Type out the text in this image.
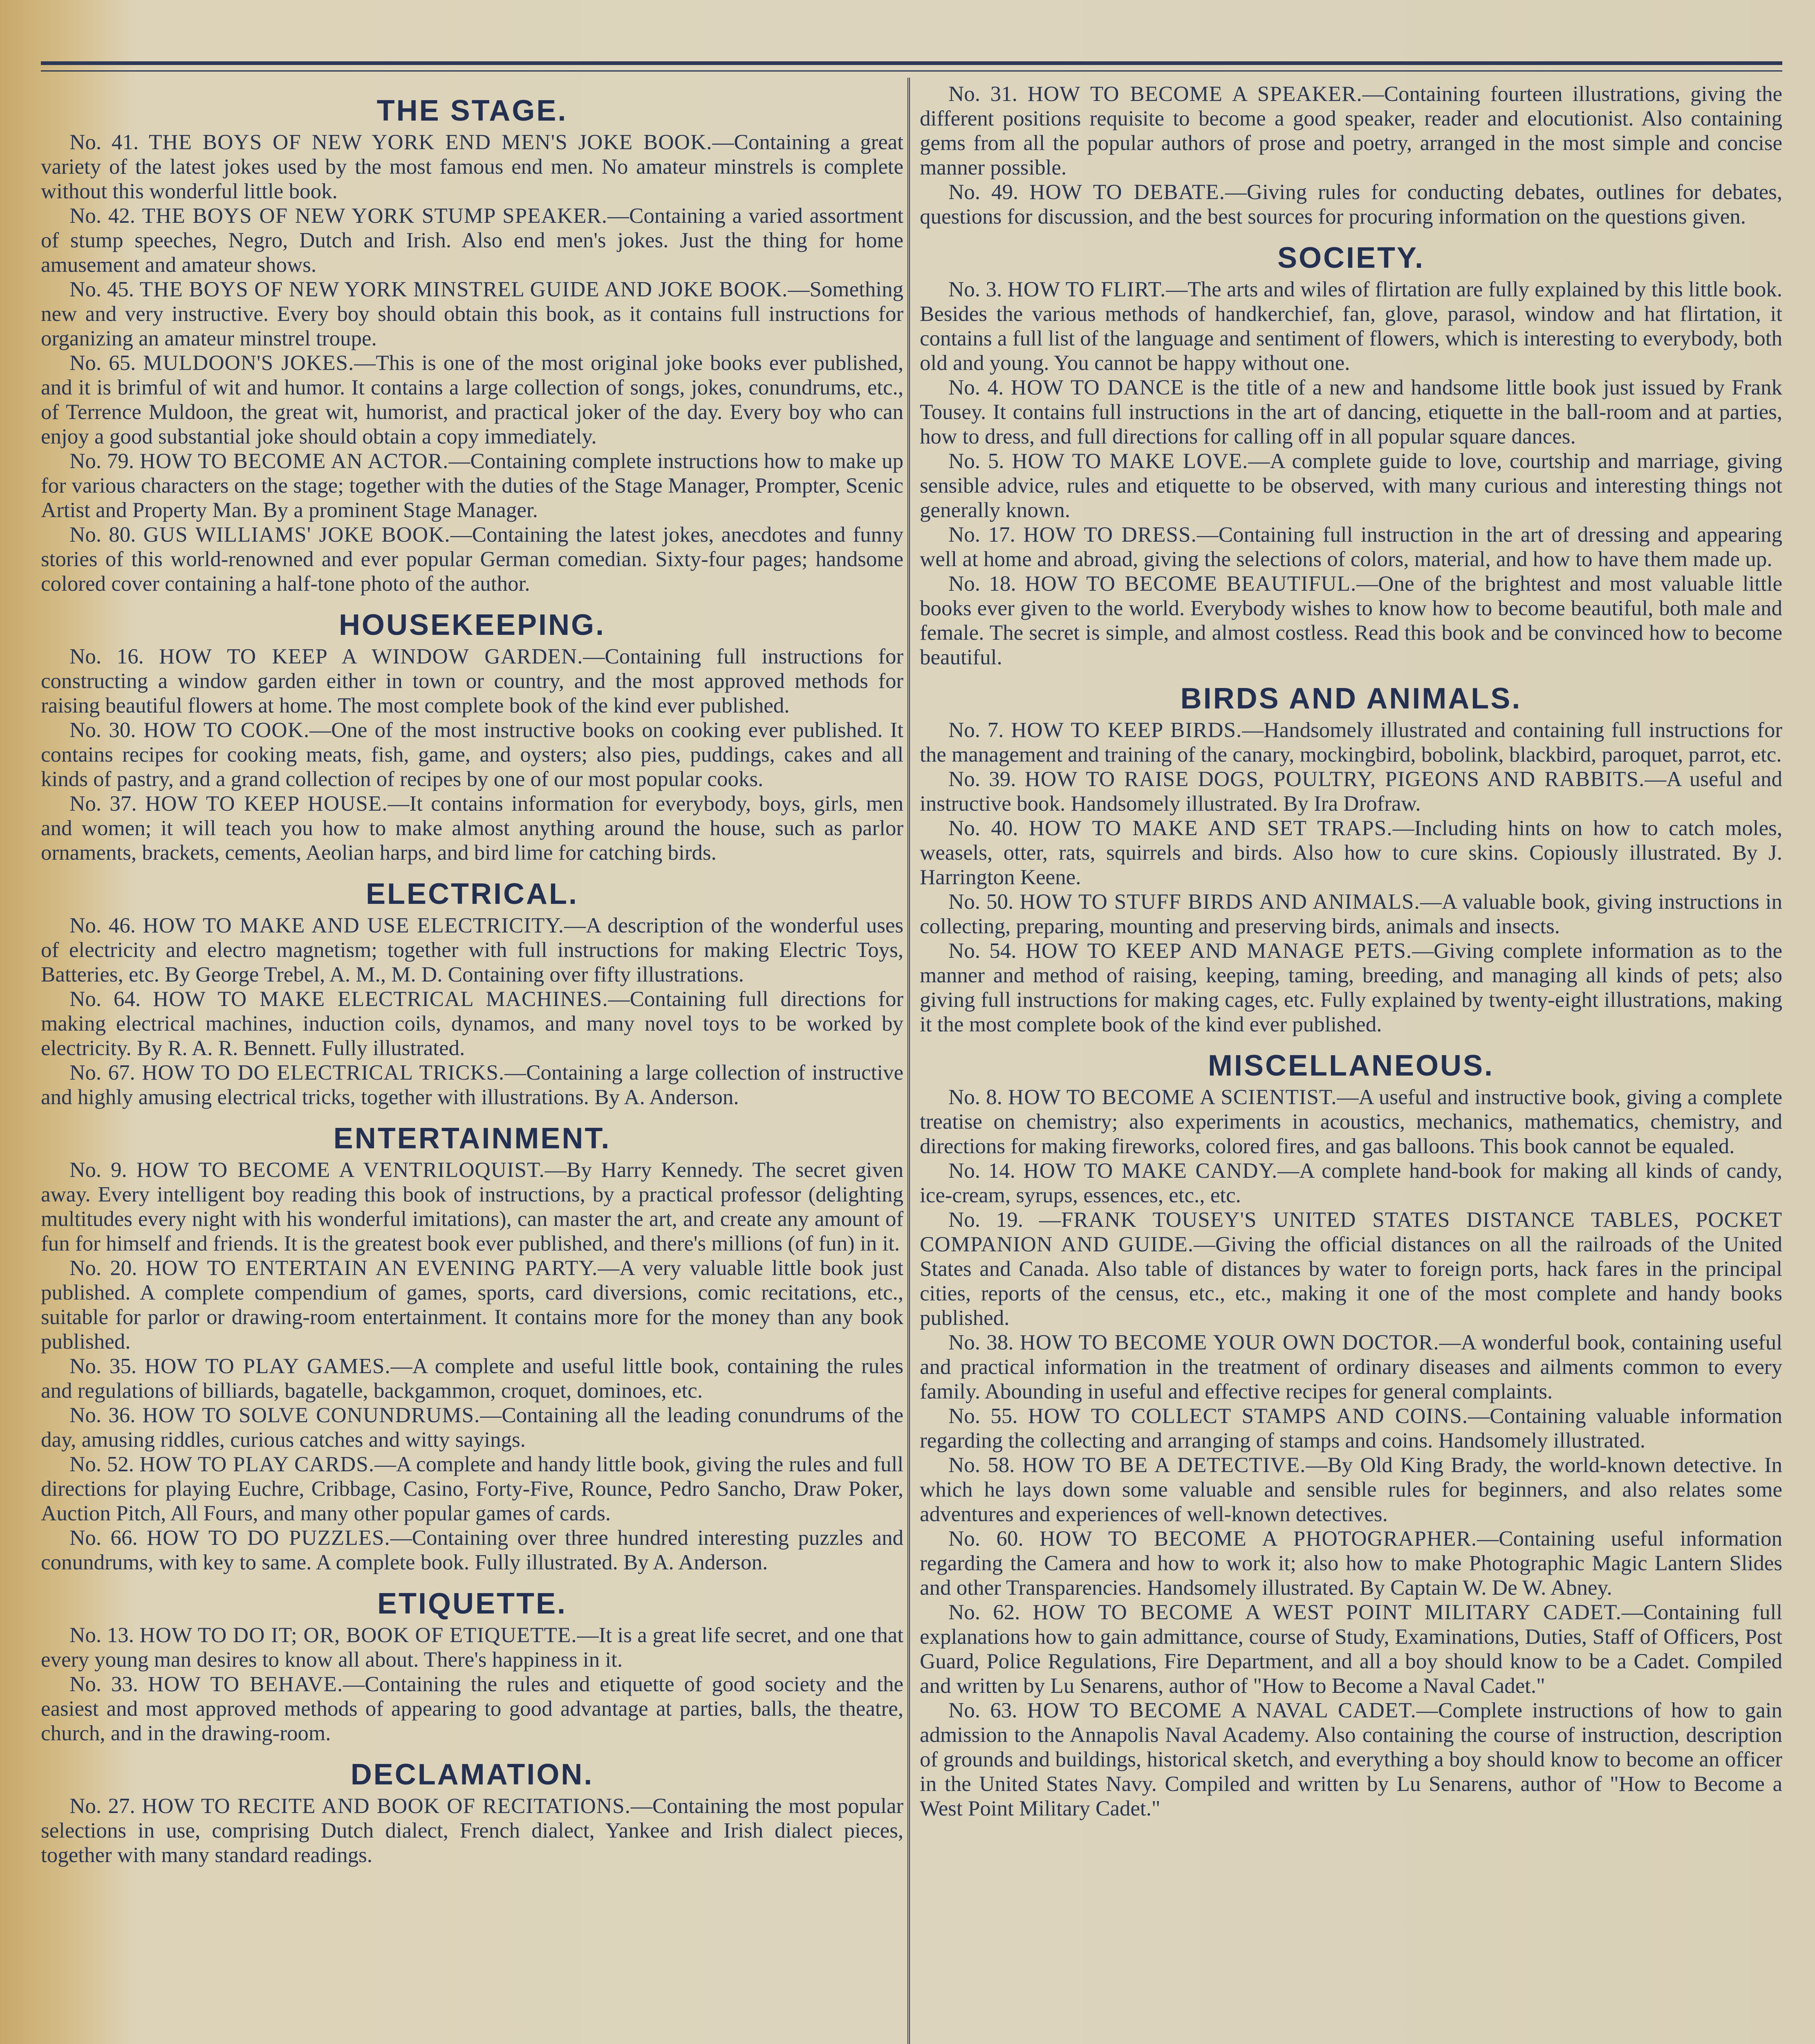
THE STAGE.

No. 41. THE BOYS OF NEW YORK END MEN'S JOKE BOOK.—Containing a great variety of the latest jokes used by the most famous end men. No amateur minstrels is complete without this wonderful little book.

No. 42. THE BOYS OF NEW YORK STUMP SPEAKER.—Containing a varied assortment of stump speeches, Negro, Dutch and Irish. Also end men's jokes. Just the thing for home amusement and amateur shows.

No. 45. THE BOYS OF NEW YORK MINSTREL GUIDE AND JOKE BOOK.—Something new and very instructive. Every boy should obtain this book, as it contains full instructions for organizing an amateur minstrel troupe.

No. 65. MULDOON'S JOKES.—This is one of the most original joke books ever published, and it is brimful of wit and humor. It contains a large collection of songs, jokes, conundrums, etc., of Terrence Muldoon, the great wit, humorist, and practical joker of the day. Every boy who can enjoy a good substantial joke should obtain a copy immediately.

No. 79. HOW TO BECOME AN ACTOR.—Containing complete instructions how to make up for various characters on the stage; together with the duties of the Stage Manager, Prompter, Scenic Artist and Property Man. By a prominent Stage Manager.

No. 80. GUS WILLIAMS' JOKE BOOK.—Containing the latest jokes, anecdotes and funny stories of this world-renowned and ever popular German comedian. Sixty-four pages; handsome colored cover containing a half-tone photo of the author.

HOUSEKEEPING.

No. 16. HOW TO KEEP A WINDOW GARDEN.—Containing full instructions for constructing a window garden either in town or country, and the most approved methods for raising beautiful flowers at home. The most complete book of the kind ever published.

No. 30. HOW TO COOK.—One of the most instructive books on cooking ever published. It contains recipes for cooking meats, fish, game, and oysters; also pies, puddings, cakes and all kinds of pastry, and a grand collection of recipes by one of our most popular cooks.

No. 37. HOW TO KEEP HOUSE.—It contains information for everybody, boys, girls, men and women; it will teach you how to make almost anything around the house, such as parlor ornaments, brackets, cements, Aeolian harps, and bird lime for catching birds.

ELECTRICAL.

No. 46. HOW TO MAKE AND USE ELECTRICITY.—A description of the wonderful uses of electricity and electro magnetism; together with full instructions for making Electric Toys, Batteries, etc. By George Trebel, A. M., M. D. Containing over fifty illustrations.

No. 64. HOW TO MAKE ELECTRICAL MACHINES.—Containing full directions for making electrical machines, induction coils, dynamos, and many novel toys to be worked by electricity. By R. A. R. Bennett. Fully illustrated.

No. 67. HOW TO DO ELECTRICAL TRICKS.—Containing a large collection of instructive and highly amusing electrical tricks, together with illustrations. By A. Anderson.

ENTERTAINMENT.

No. 9. HOW TO BECOME A VENTRILOQUIST.—By Harry Kennedy. The secret given away. Every intelligent boy reading this book of instructions, by a practical professor (delighting multitudes every night with his wonderful imitations), can master the art, and create any amount of fun for himself and friends. It is the greatest book ever published, and there's millions (of fun) in it.

No. 20. HOW TO ENTERTAIN AN EVENING PARTY.—A very valuable little book just published. A complete compendium of games, sports, card diversions, comic recitations, etc., suitable for parlor or drawing-room entertainment. It contains more for the money than any book published.

No. 35. HOW TO PLAY GAMES.—A complete and useful little book, containing the rules and regulations of billiards, bagatelle, backgammon, croquet, dominoes, etc.

No. 36. HOW TO SOLVE CONUNDRUMS.—Containing all the leading conundrums of the day, amusing riddles, curious catches and witty sayings.

No. 52. HOW TO PLAY CARDS.—A complete and handy little book, giving the rules and full directions for playing Euchre, Cribbage, Casino, Forty-Five, Rounce, Pedro Sancho, Draw Poker, Auction Pitch, All Fours, and many other popular games of cards.

No. 66. HOW TO DO PUZZLES.—Containing over three hundred interesting puzzles and conundrums, with key to same. A complete book. Fully illustrated. By A. Anderson.

ETIQUETTE.

No. 13. HOW TO DO IT; OR, BOOK OF ETIQUETTE.—It is a great life secret, and one that every young man desires to know all about. There's happiness in it.

No. 33. HOW TO BEHAVE.—Containing the rules and etiquette of good society and the easiest and most approved methods of appearing to good advantage at parties, balls, the theatre, church, and in the drawing-room.

DECLAMATION.

No. 27. HOW TO RECITE AND BOOK OF RECITATIONS.—Containing the most popular selections in use, comprising Dutch dialect, French dialect, Yankee and Irish dialect pieces, together with many standard readings.

No. 31. HOW TO BECOME A SPEAKER.—Containing fourteen illustrations, giving the different positions requisite to become a good speaker, reader and elocutionist. Also containing gems from all the popular authors of prose and poetry, arranged in the most simple and concise manner possible.

No. 49. HOW TO DEBATE.—Giving rules for conducting debates, outlines for debates, questions for discussion, and the best sources for procuring information on the questions given.

SOCIETY.

No. 3. HOW TO FLIRT.—The arts and wiles of flirtation are fully explained by this little book. Besides the various methods of handkerchief, fan, glove, parasol, window and hat flirtation, it contains a full list of the language and sentiment of flowers, which is interesting to everybody, both old and young. You cannot be happy without one.

No. 4. HOW TO DANCE is the title of a new and handsome little book just issued by Frank Tousey. It contains full instructions in the art of dancing, etiquette in the ball-room and at parties, how to dress, and full directions for calling off in all popular square dances.

No. 5. HOW TO MAKE LOVE.—A complete guide to love, courtship and marriage, giving sensible advice, rules and etiquette to be observed, with many curious and interesting things not generally known.

No. 17. HOW TO DRESS.—Containing full instruction in the art of dressing and appearing well at home and abroad, giving the selections of colors, material, and how to have them made up.

No. 18. HOW TO BECOME BEAUTIFUL.—One of the brightest and most valuable little books ever given to the world. Everybody wishes to know how to become beautiful, both male and female. The secret is simple, and almost costless. Read this book and be convinced how to become beautiful.

BIRDS AND ANIMALS.

No. 7. HOW TO KEEP BIRDS.—Handsomely illustrated and containing full instructions for the management and training of the canary, mockingbird, bobolink, blackbird, paroquet, parrot, etc.

No. 39. HOW TO RAISE DOGS, POULTRY, PIGEONS AND RABBITS.—A useful and instructive book. Handsomely illustrated. By Ira Drofraw.

No. 40. HOW TO MAKE AND SET TRAPS.—Including hints on how to catch moles, weasels, otter, rats, squirrels and birds. Also how to cure skins. Copiously illustrated. By J. Harrington Keene.

No. 50. HOW TO STUFF BIRDS AND ANIMALS.—A valuable book, giving instructions in collecting, preparing, mounting and preserving birds, animals and insects.

No. 54. HOW TO KEEP AND MANAGE PETS.—Giving complete information as to the manner and method of raising, keeping, taming, breeding, and managing all kinds of pets; also giving full instructions for making cages, etc. Fully explained by twenty-eight illustrations, making it the most complete book of the kind ever published.

MISCELLANEOUS.

No. 8. HOW TO BECOME A SCIENTIST.—A useful and instructive book, giving a complete treatise on chemistry; also experiments in acoustics, mechanics, mathematics, chemistry, and directions for making fireworks, colored fires, and gas balloons. This book cannot be equaled.

No. 14. HOW TO MAKE CANDY.—A complete hand-book for making all kinds of candy, ice-cream, syrups, essences, etc., etc.

No. 19. —FRANK TOUSEY'S UNITED STATES DISTANCE TABLES, POCKET COMPANION AND GUIDE.—Giving the official distances on all the railroads of the United States and Canada. Also table of distances by water to foreign ports, hack fares in the principal cities, reports of the census, etc., etc., making it one of the most complete and handy books published.

No. 38. HOW TO BECOME YOUR OWN DOCTOR.—A wonderful book, containing useful and practical information in the treatment of ordinary diseases and ailments common to every family. Abounding in useful and effective recipes for general complaints.

No. 55. HOW TO COLLECT STAMPS AND COINS.—Containing valuable information regarding the collecting and arranging of stamps and coins. Handsomely illustrated.

No. 58. HOW TO BE A DETECTIVE.—By Old King Brady, the world-known detective. In which he lays down some valuable and sensible rules for beginners, and also relates some adventures and experiences of well-known detectives.

No. 60. HOW TO BECOME A PHOTOGRAPHER.—Containing useful information regarding the Camera and how to work it; also how to make Photographic Magic Lantern Slides and other Transparencies. Handsomely illustrated. By Captain W. De W. Abney.

No. 62. HOW TO BECOME A WEST POINT MILITARY CADET.—Containing full explanations how to gain admittance, course of Study, Examinations, Duties, Staff of Officers, Post Guard, Police Regulations, Fire Department, and all a boy should know to be a Cadet. Compiled and written by Lu Senarens, author of "How to Become a Naval Cadet."

No. 63. HOW TO BECOME A NAVAL CADET.—Complete instructions of how to gain admission to the Annapolis Naval Academy. Also containing the course of instruction, description of grounds and buildings, historical sketch, and everything a boy should know to become an officer in the United States Navy. Compiled and written by Lu Senarens, author of "How to Become a West Point Military Cadet."
